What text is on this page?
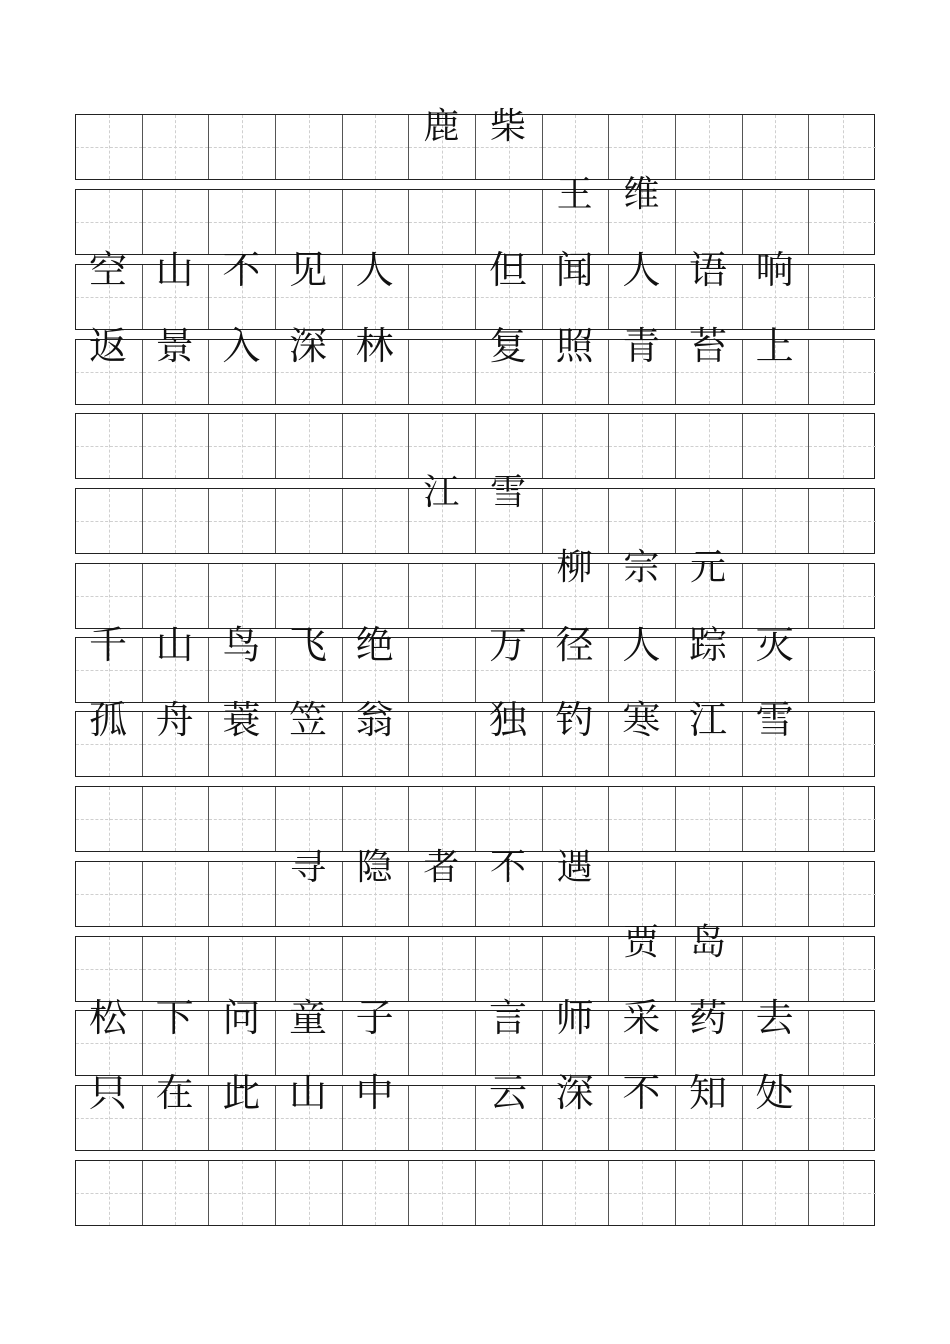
鹿 柴
王 维
空 山 不 见 人	但 闻 人 语 响
返 景 入 深 林	复 照 青 苔 上
江 雪
柳 宗 元
千 山 鸟 飞 绝	万 径 人 踪 灭
孤 舟 蓑 笠 翁	独 钓 寒 江 雪
寻 隐 者 不 遇
贾 岛
松 下 问 童 子	言 师 采 药 去
只 在 此 山 中	云 深 不 知 处
